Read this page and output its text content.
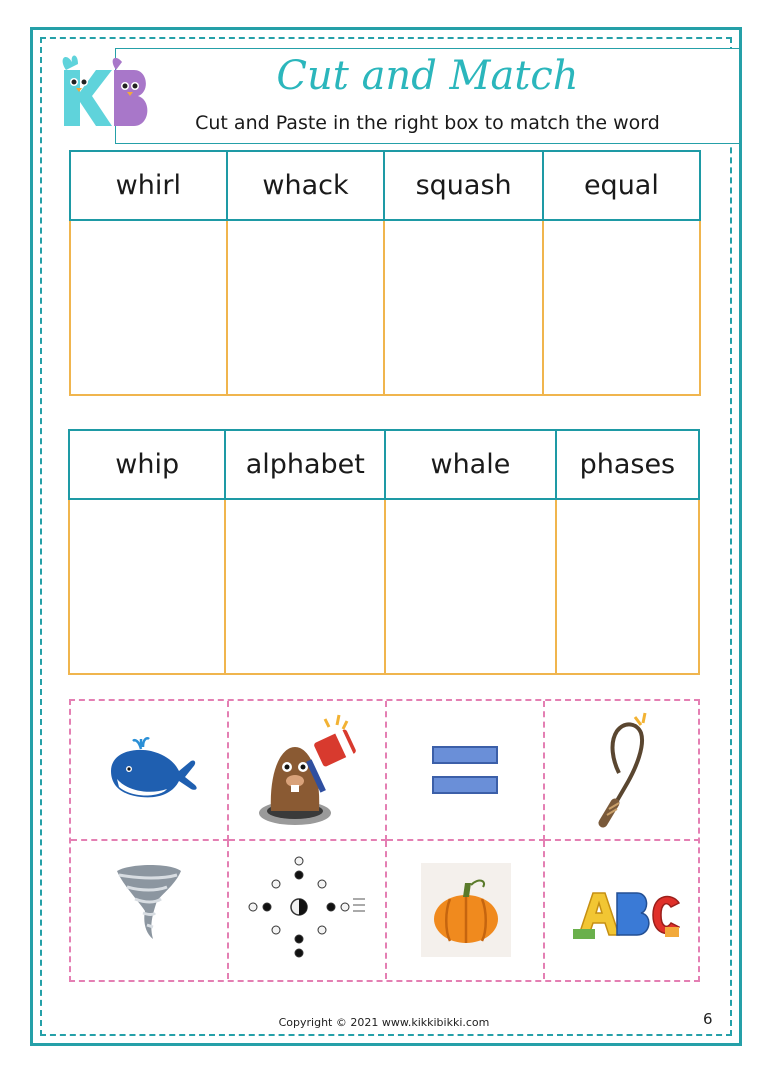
Cut and Match
Cut and Paste in the right box to match the word
whirl	whack	squash	equal

whip	alphabet	whale	phases

Copyright © 2021 www.kikkibikki.com	6
